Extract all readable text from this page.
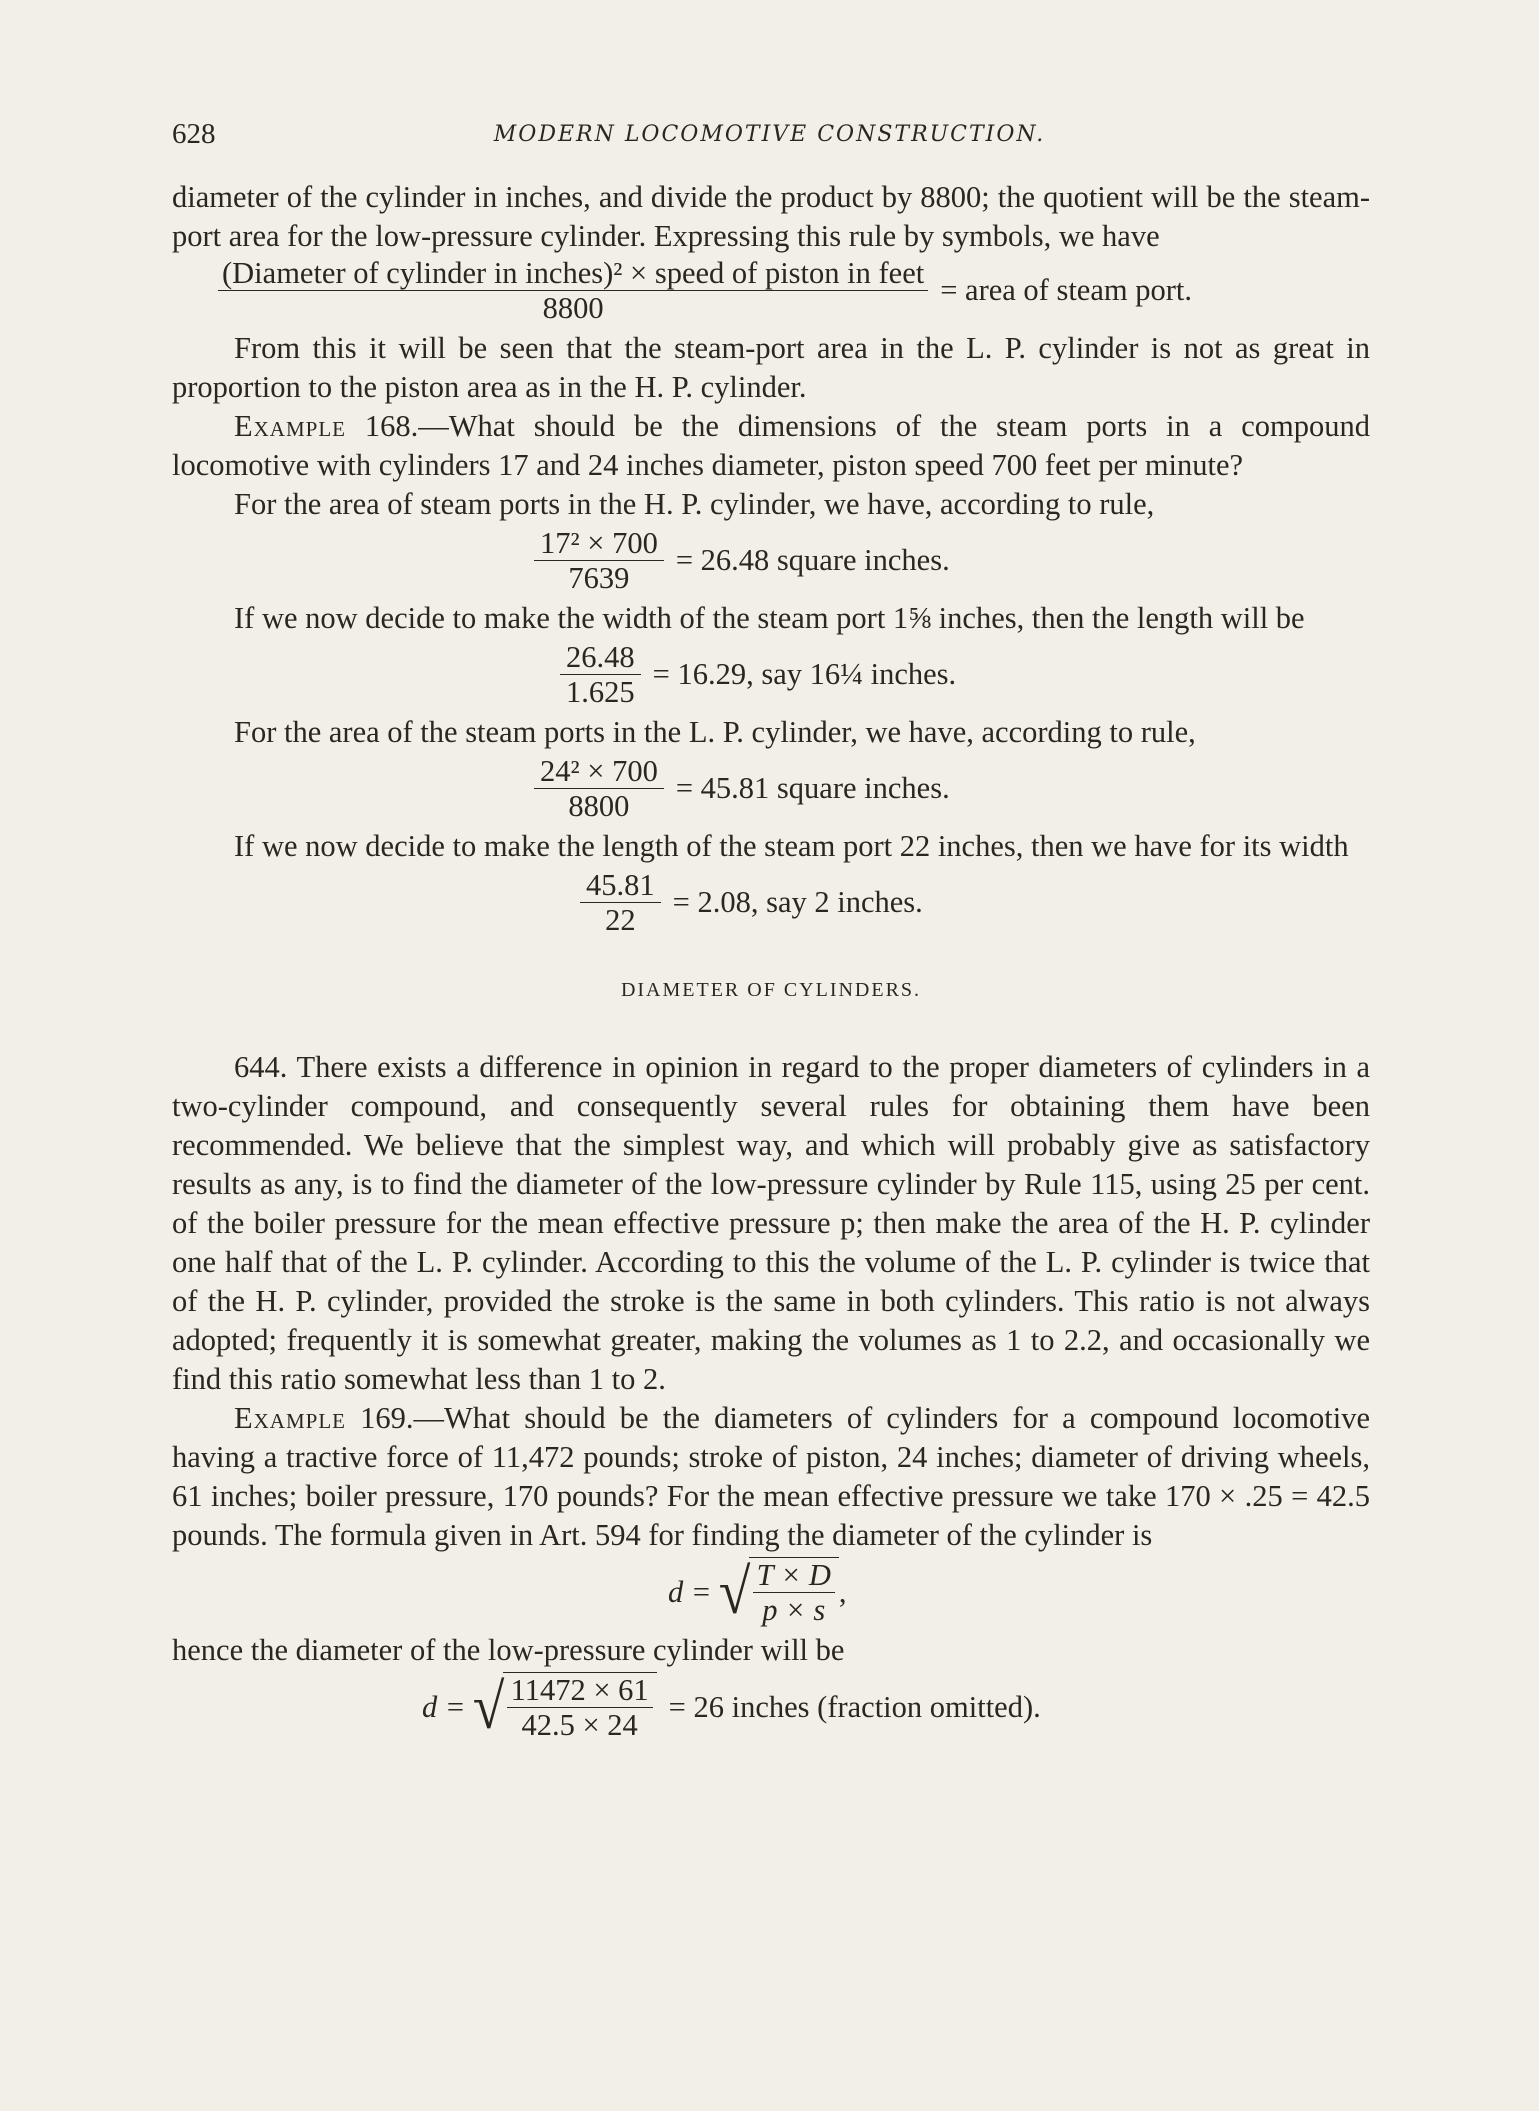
628	MODERN LOCOMOTIVE CONSTRUCTION.

diameter of the cylinder in inches, and divide the product by 8800; the quotient will be the steam-port area for the low-pressure cylinder. Expressing this rule by symbols, we have

$\frac{\text{(Diameter of cylinder in inches)² × speed of piston in feet}}{8800}$ = area of steam port.

From this it will be seen that the steam-port area in the L. P. cylinder is not as great in proportion to the piston area as in the H. P. cylinder.

Example 168.—What should be the dimensions of the steam ports in a compound locomotive with cylinders 17 and 24 inches diameter, piston speed 700 feet per minute?

For the area of steam ports in the H. P. cylinder, we have, according to rule,

$\frac{\text{17² × 700}}{7639} = 26.48$ square inches.

If we now decide to make the width of the steam port 1⅝ inches, then the length will be

$\frac{26.48}{1.625} = 16.29$, say 16¼ inches.

For the area of the steam ports in the L. P. cylinder, we have, according to rule,

$\frac{\text{24² × 700}}{8800} = 45.81$ square inches.

If we now decide to make the length of the steam port 22 inches, then we have for its width

$\frac{45.81}{22} = 2.08$, say 2 inches.
DIAMETER OF CYLINDERS.

644. There exists a difference in opinion in regard to the proper diameters of cylinders in a two-cylinder compound, and consequently several rules for obtaining them have been recommended. We believe that the simplest way, and which will probably give as satisfactory results as any, is to find the diameter of the low-pressure cylinder by Rule 115, using 25 per cent. of the boiler pressure for the mean effective pressure p; then make the area of the H. P. cylinder one half that of the L. P. cylinder. According to this the volume of the L. P. cylinder is twice that of the H. P. cylinder, provided the stroke is the same in both cylinders. This ratio is not always adopted; frequently it is somewhat greater, making the volumes as 1 to 2.2, and occasionally we find this ratio somewhat less than 1 to 2.

Example 169.—What should be the diameters of cylinders for a compound locomotive having a tractive force of 11,472 pounds; stroke of piston, 24 inches; diameter of driving wheels, 61 inches; boiler pressure, 170 pounds? For the mean effective pressure we take 170 × .25 = 42.5 pounds. The formula given in Art. 594 for finding the diameter of the cylinder is

d = √
$\frac{T \times D}{p \times s}$ ,

hence the diameter of the low-pressure cylinder will be

d = √
$\frac{11472 \times 61}{42.5 \times 24} = 26$ inches (fraction omitted).
